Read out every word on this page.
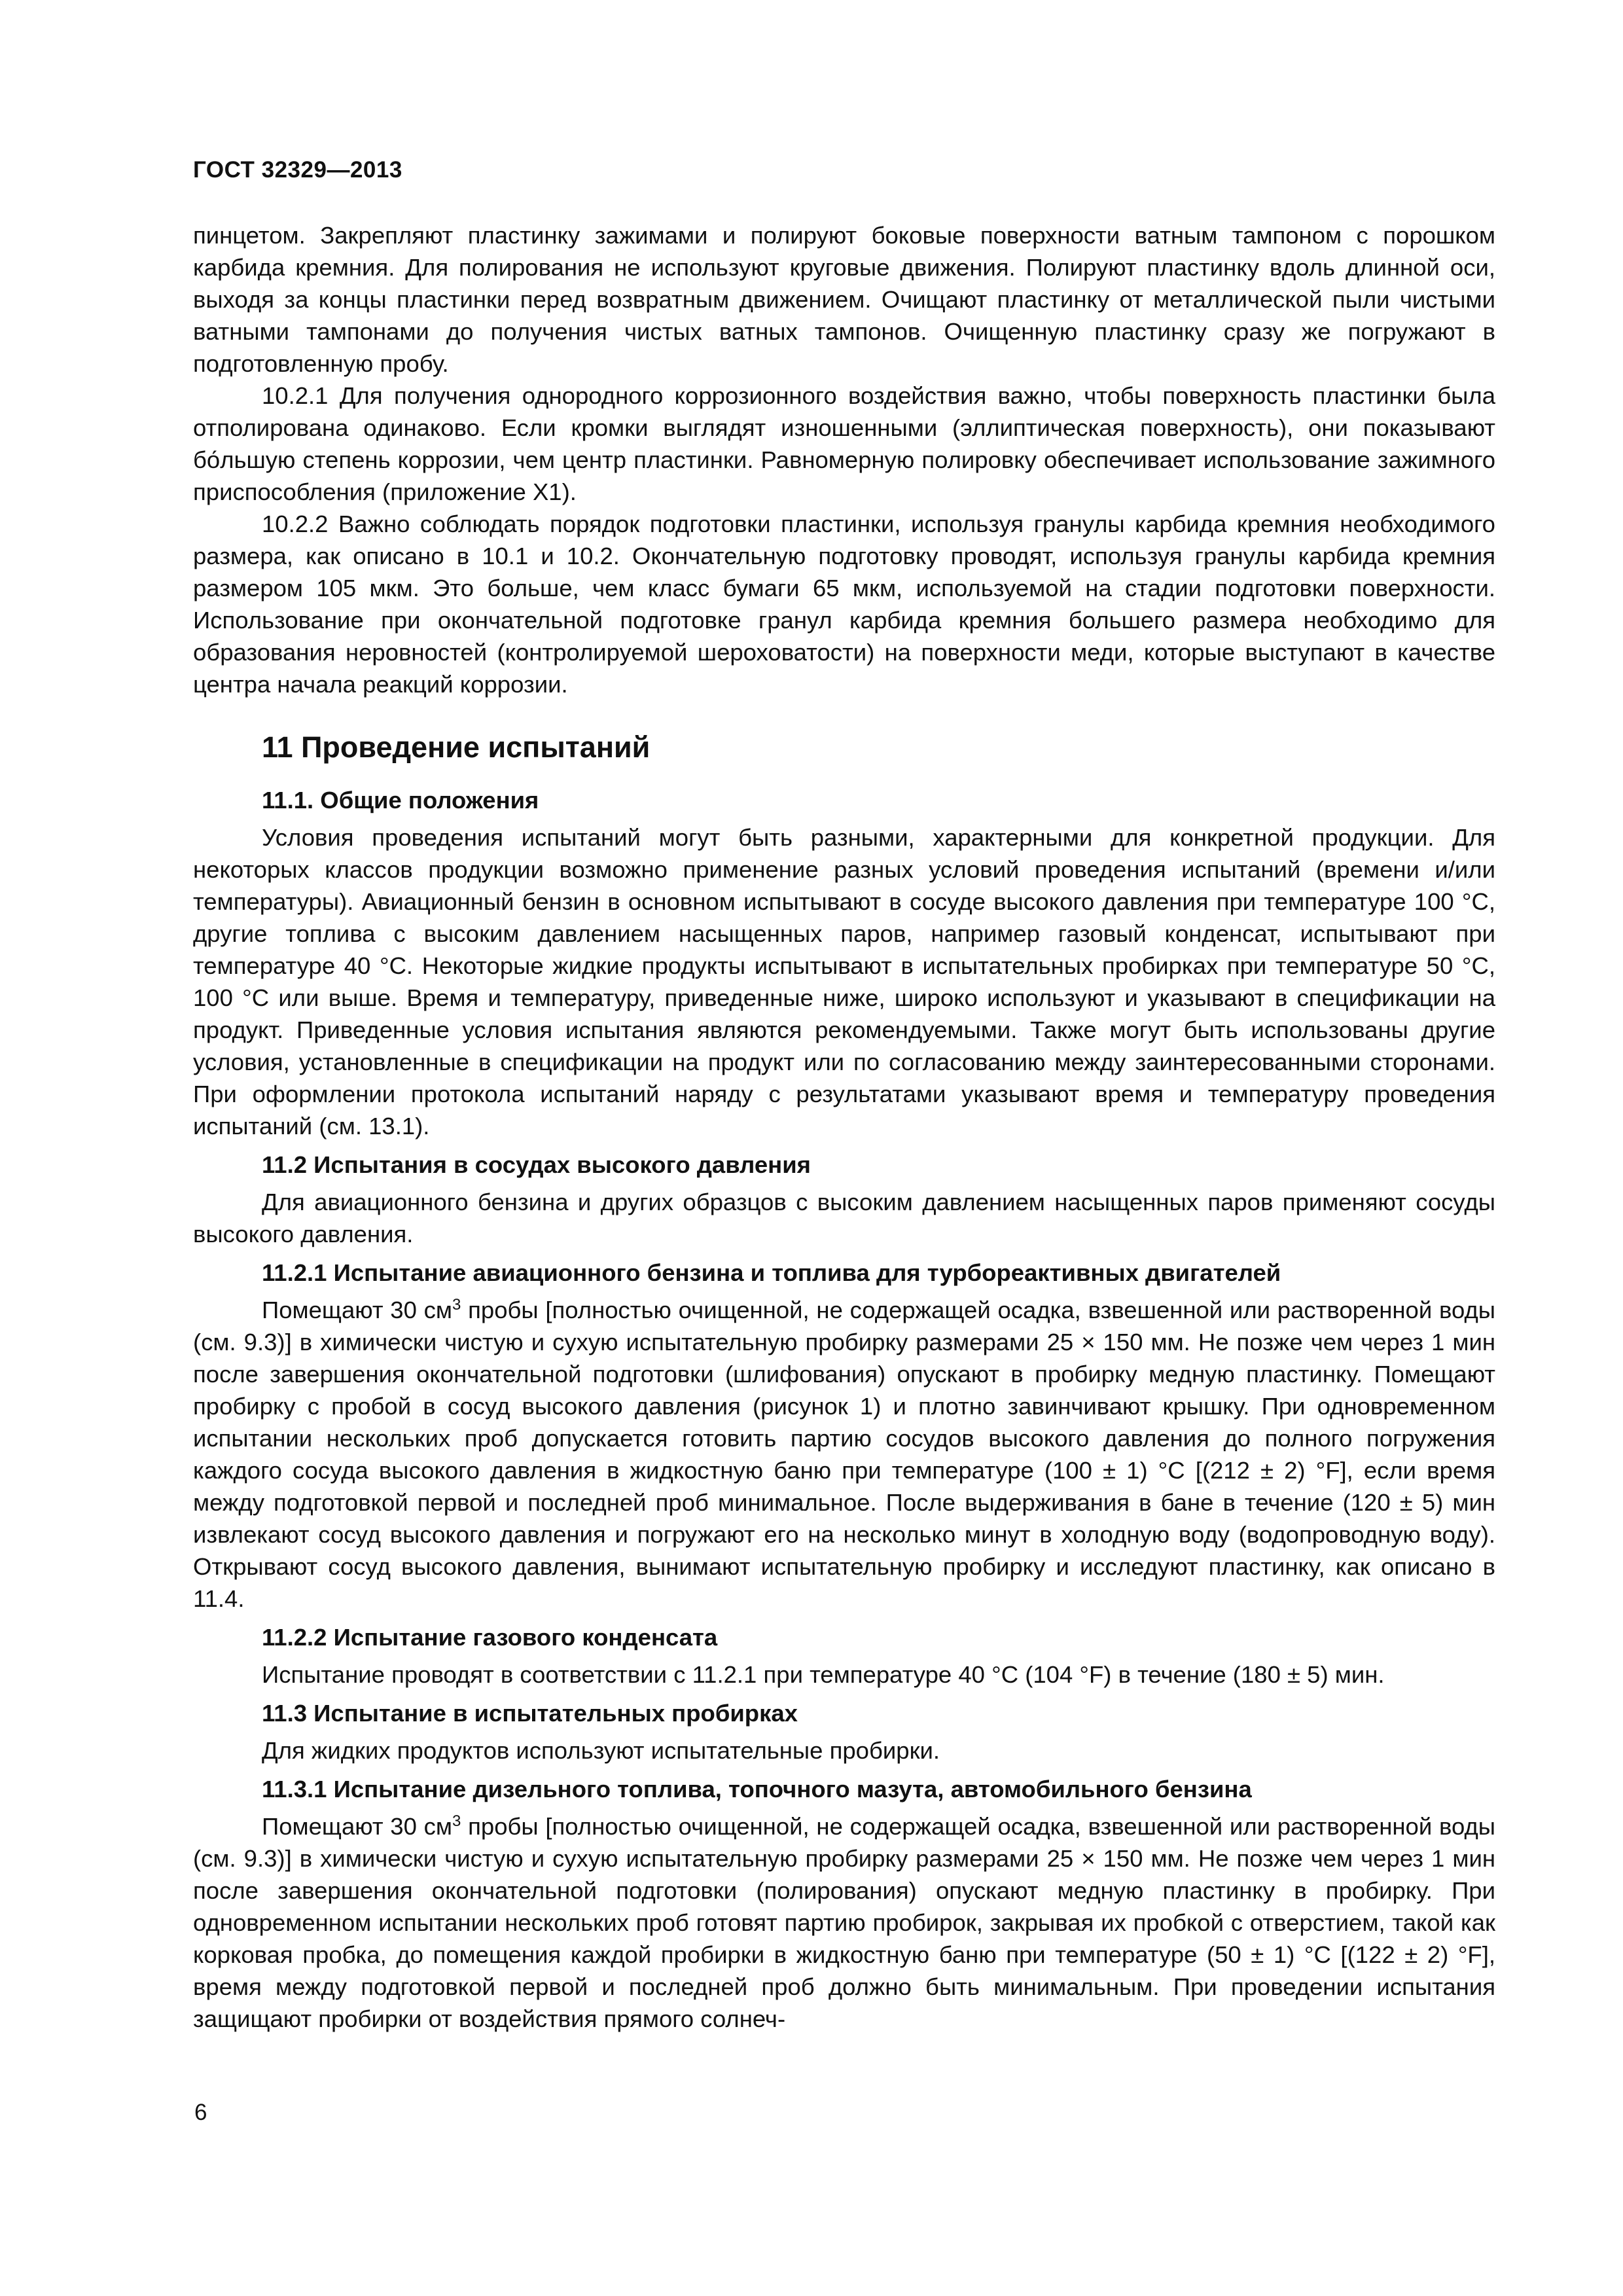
ГОСТ 32329—2013

пинцетом. Закрепляют пластинку зажимами и полируют боковые поверхности ватным тампоном с порошком карбида кремния. Для полирования не используют круговые движения. Полируют пластинку вдоль длинной оси, выходя за концы пластинки перед возвратным движением. Очищают пластинку от металлической пыли чистыми ватными тампонами до получения чистых ватных тампонов. Очищенную пластинку сразу же погружают в подготовленную пробу.

10.2.1 Для получения однородного коррозионного воздействия важно, чтобы поверхность пластинки была отполирована одинаково. Если кромки выглядят изношенными (эллиптическая поверхность), они показывают бо́льшую степень коррозии, чем центр пластинки. Равномерную полировку обеспечивает использование зажимного приспособления (приложение Х1).

10.2.2 Важно соблюдать порядок подготовки пластинки, используя гранулы карбида кремния необходимого размера, как описано в 10.1 и 10.2. Окончательную подготовку проводят, используя гранулы карбида кремния размером 105 мкм. Это больше, чем класс бумаги 65 мкм, используемой на стадии подготовки поверхности. Использование при окончательной подготовке гранул карбида кремния большего размера необходимо для образования неровностей (контролируемой шероховатости) на поверхности меди, которые выступают в качестве центра начала реакций коррозии.

11 Проведение испытаний
11.1. Общие положения

Условия проведения испытаний могут быть разными, характерными для конкретной продукции. Для некоторых классов продукции возможно применение разных условий проведения испытаний (времени и/или температуры). Авиационный бензин в основном испытывают в сосуде высокого давления при температуре 100 °С, другие топлива с высоким давлением насыщенных паров, например газовый конденсат, испытывают при температуре 40 °С. Некоторые жидкие продукты испытывают в испытательных пробирках при температуре 50 °С, 100 °С или выше. Время и температуру, приведенные ниже, широко используют и указывают в спецификации на продукт. Приведенные условия испытания являются рекомендуемыми. Также могут быть использованы другие условия, установленные в спецификации на продукт или по согласованию между заинтересованными сторонами. При оформлении протокола испытаний наряду с результатами указывают время и температуру проведения испытаний (см. 13.1).

11.2 Испытания в сосудах высокого давления

Для авиационного бензина и других образцов с высоким давлением насыщенных паров применяют сосуды высокого давления.

11.2.1 Испытание авиационного бензина и топлива для турбореактивных двигателей

Помещают 30 $см^3$ пробы [полностью очищенной, не содержащей осадка, взвешенной или растворенной воды (см. 9.3)] в химически чистую и сухую испытательную пробирку размерами 25 × 150 мм. Не позже чем через 1 мин после завершения окончательной подготовки (шлифования) опускают в пробирку медную пластинку. Помещают пробирку с пробой в сосуд высокого давления (рисунок 1) и плотно завинчивают крышку. При одновременном испытании нескольких проб допускается готовить партию сосудов высокого давления до полного погружения каждого сосуда высокого давления в жидкостную баню при температуре (100 ± 1) °С [(212 ± 2) °F], если время между подготовкой первой и последней проб минимальное. После выдерживания в бане в течение (120 ± 5) мин извлекают сосуд высокого давления и погружают его на несколько минут в холодную воду (водопроводную воду). Открывают сосуд высокого давления, вынимают испытательную пробирку и исследуют пластинку, как описано в 11.4.

11.2.2 Испытание газового конденсата

Испытание проводят в соответствии с 11.2.1 при температуре 40 °С (104 °F) в течение (180 ± 5) мин.

11.3 Испытание в испытательных пробирках

Для жидких продуктов используют испытательные пробирки.

11.3.1 Испытание дизельного топлива, топочного мазута, автомобильного бензина

Помещают 30 $см^3$ пробы [полностью очищенной, не содержащей осадка, взвешенной или растворенной воды (см. 9.3)] в химически чистую и сухую испытательную пробирку размерами 25 × 150 мм. Не позже чем через 1 мин после завершения окончательной подготовки (полирования) опускают медную пластинку в пробирку. При одновременном испытании нескольких проб готовят партию пробирок, закрывая их пробкой с отверстием, такой как корковая пробка, до помещения каждой пробирки в жидкостную баню при температуре (50 ± 1) °С [(122 ± 2) °F], время между подготовкой первой и последней проб должно быть минимальным. При проведении испытания защищают пробирки от воздействия прямого солнеч-

6
